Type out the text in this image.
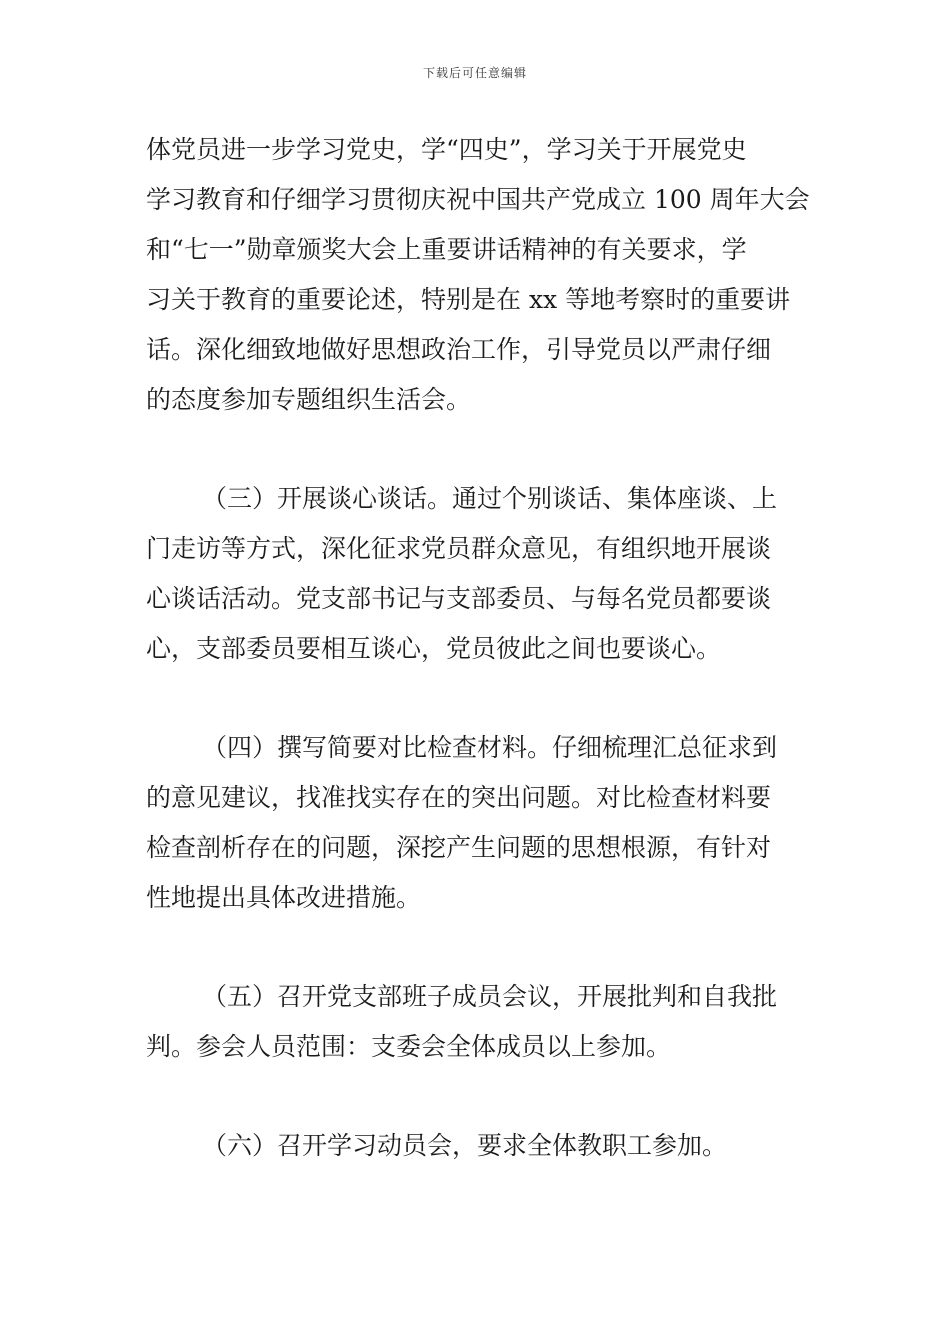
下载后可任意编辑
体党员进一步学习党史，学“四史”，学习关于开展党史
学习教育和仔细学习贯彻庆祝中国共产党成立 100 周年大会
和“七一”勋章颁奖大会上重要讲话精神的有关要求，学
习关于教育的重要论述，特别是在 xx 等地考察时的重要讲
话。深化细致地做好思想政治工作，引导党员以严肃仔细
的态度参加专题组织生活会。
（三）开展谈心谈话。通过个别谈话、集体座谈、上
门走访等方式，深化征求党员群众意见，有组织地开展谈
心谈话活动。党支部书记与支部委员、与每名党员都要谈
心，支部委员要相互谈心，党员彼此之间也要谈心。
（四）撰写简要对比检查材料。仔细梳理汇总征求到
的意见建议，找准找实存在的突出问题。对比检查材料要
检查剖析存在的问题，深挖产生问题的思想根源，有针对
性地提出具体改进措施。
（五）召开党支部班子成员会议，开展批判和自我批
判。参会人员范围：支委会全体成员以上参加。
（六）召开学习动员会，要求全体教职工参加。
